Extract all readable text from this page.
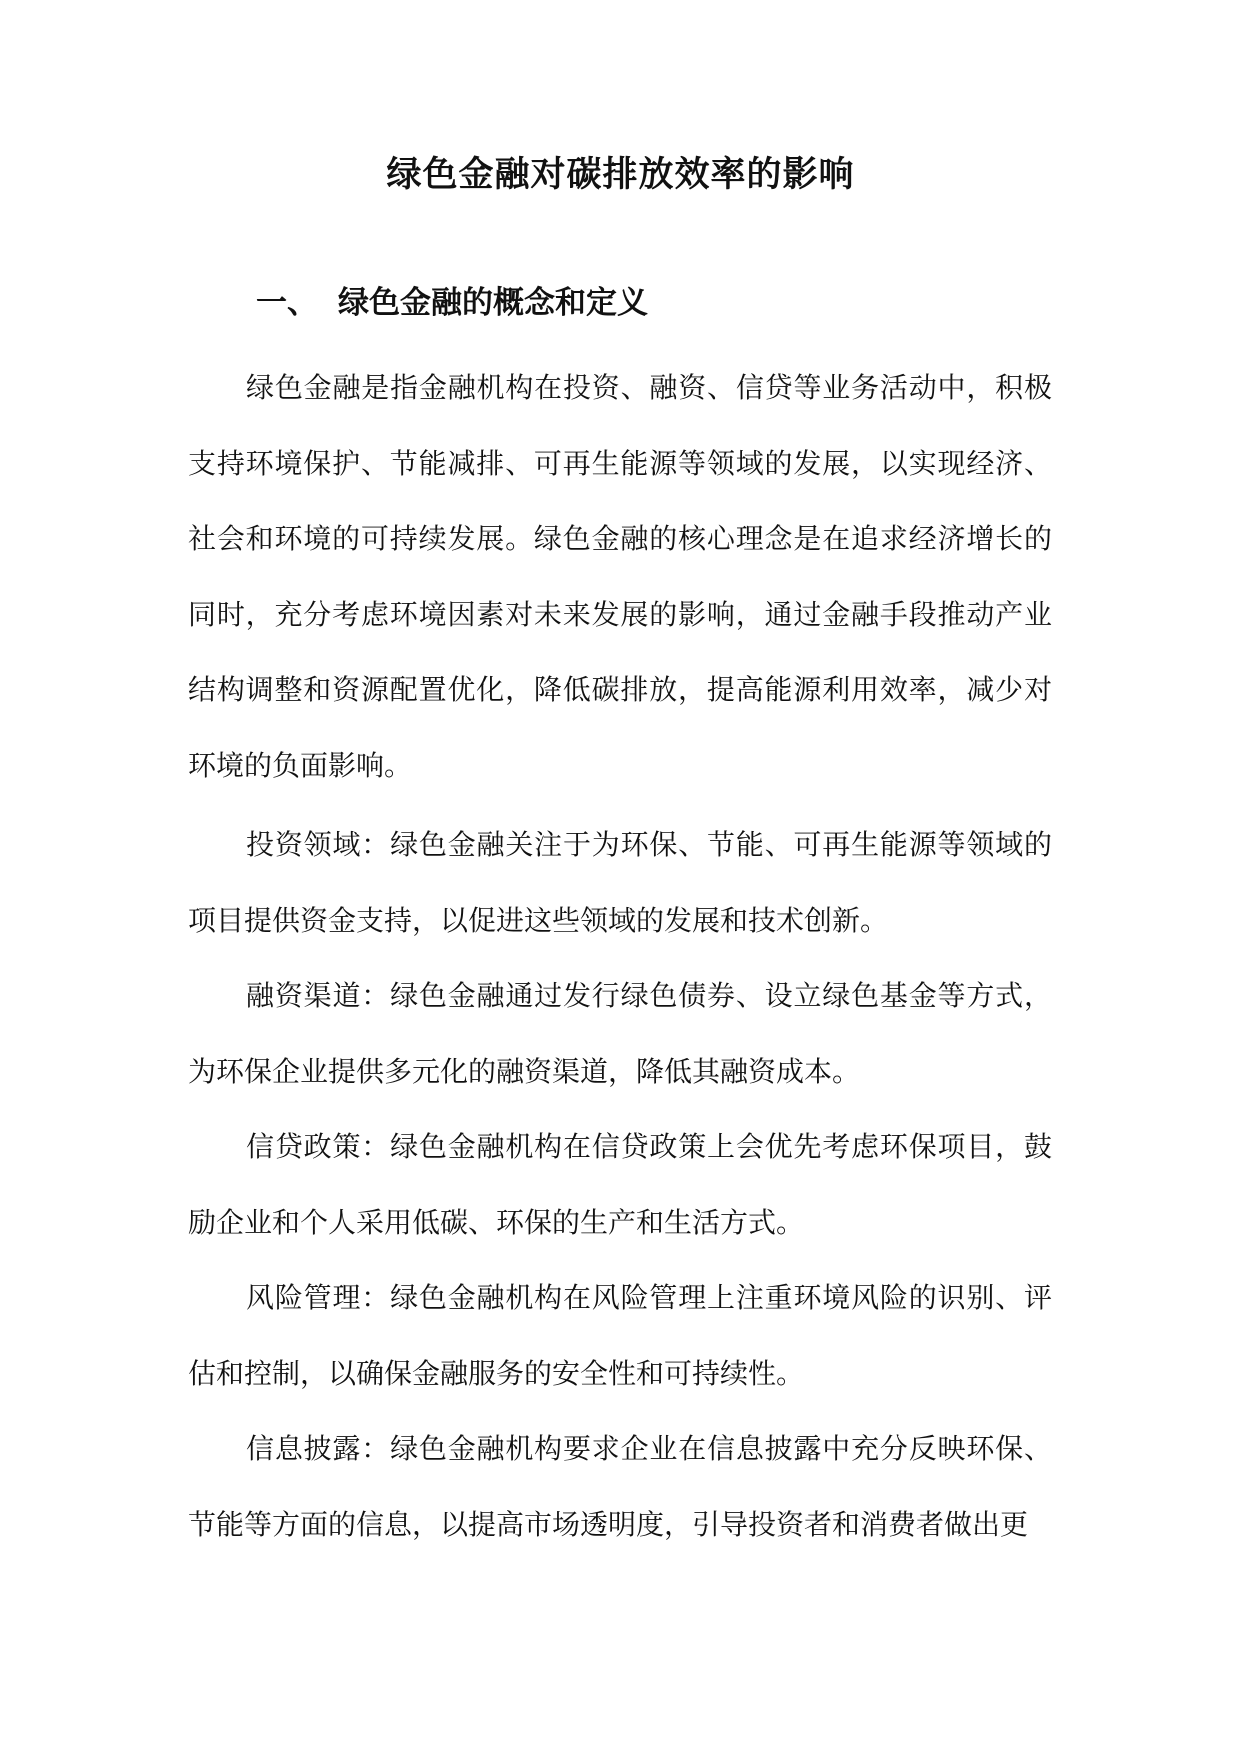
绿色金融对碳排放效率的影响
一、 绿色金融的概念和定义

绿色金融是指金融机构在投资、融资、信贷等业务活动中，积极支持环境保护、节能减排、可再生能源等领域的发展，以实现经济、社会和环境的可持续发展。绿色金融的核心理念是在追求经济增长的同时，充分考虑环境因素对未来发展的影响，通过金融手段推动产业结构调整和资源配置优化，降低碳排放，提高能源利用效率，减少对环境的负面影响。

投资领域：绿色金融关注于为环保、节能、可再生能源等领域的项目提供资金支持，以促进这些领域的发展和技术创新。

融资渠道：绿色金融通过发行绿色债券、设立绿色基金等方式，为环保企业提供多元化的融资渠道，降低其融资成本。

信贷政策：绿色金融机构在信贷政策上会优先考虑环保项目，鼓励企业和个人采用低碳、环保的生产和生活方式。

风险管理：绿色金融机构在风险管理上注重环境风险的识别、评估和控制，以确保金融服务的安全性和可持续性。

信息披露：绿色金融机构要求企业在信息披露中充分反映环保、节能等方面的信息，以提高市场透明度，引导投资者和消费者做出更
